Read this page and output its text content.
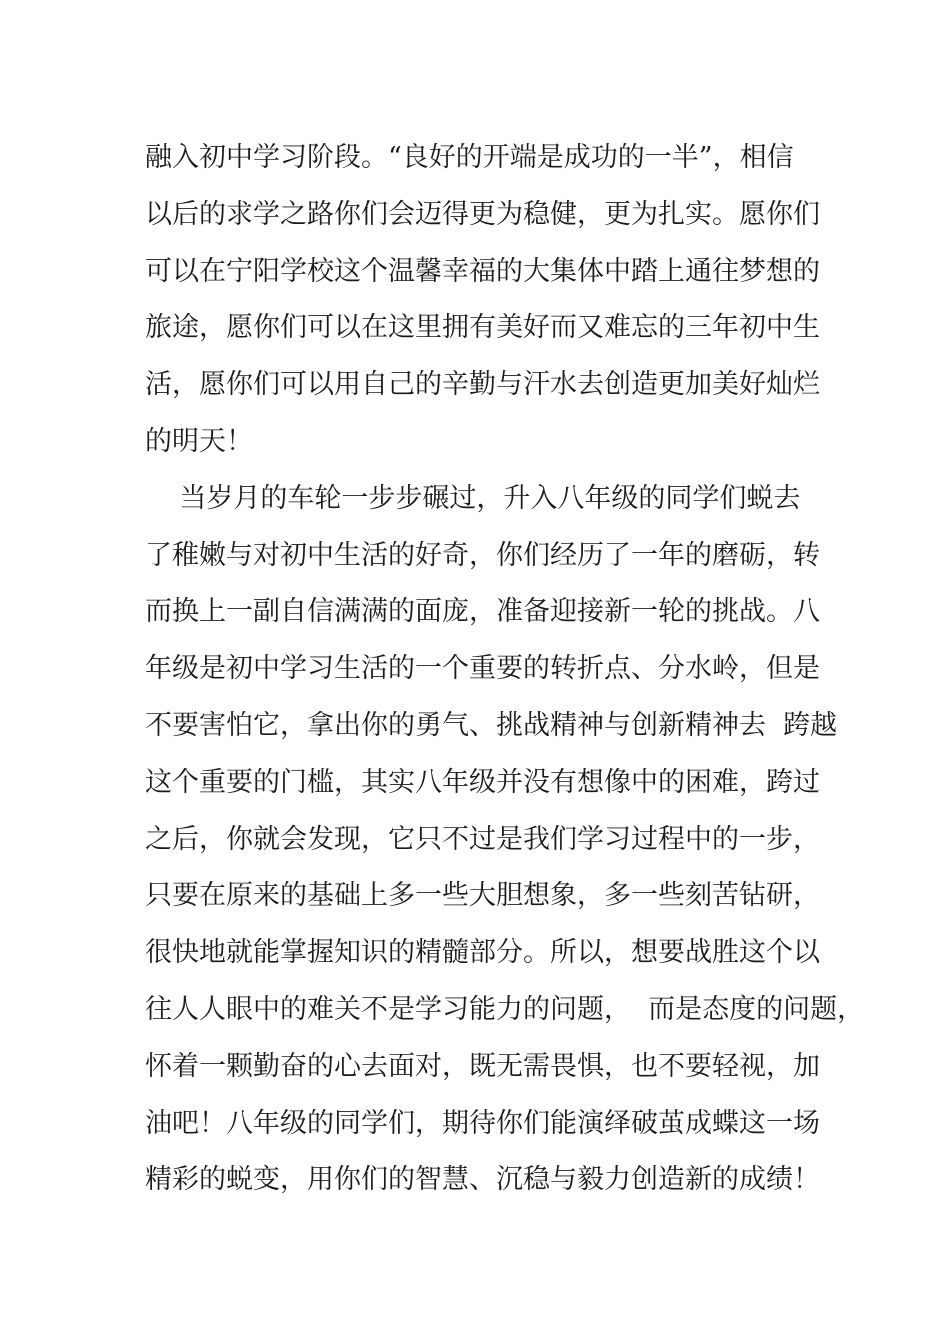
融入初中学习阶段。“良好的开端是成功的一半”，相信
以后的求学之路你们会迈得更为稳健，更为扎实。愿你们
可以在宁阳学校这个温馨幸福的大集体中踏上通往梦想的
旅途，愿你们可以在这里拥有美好而又难忘的三年初中生
活，愿你们可以用自己的辛勤与汗水去创造更加美好灿烂
的明天！
当岁月的车轮一步步碾过，升入八年级的同学们蜕去
了稚嫩与对初中生活的好奇，你们经历了一年的磨砺，转
而换上一副自信满满的面庞，准备迎接新一轮的挑战。八
年级是初中学习生活的一个重要的转折点、分水岭，但是
不要害怕它，拿出你的勇气、挑战精神与创新精神去  跨越
这个重要的门槛，其实八年级并没有想像中的困难，跨过
之后，你就会发现，它只不过是我们学习过程中的一步，
只要在原来的基础上多一些大胆想象，多一些刻苦钻研，
很快地就能掌握知识的精髓部分。所以，想要战胜这个以
往人人眼中的难关不是学习能力的问题，  而是态度的问题，
怀着一颗勤奋的心去面对，既无需畏惧，也不要轻视，加
油吧！八年级的同学们，期待你们能演绎破茧成蝶这一场
精彩的蜕变，用你们的智慧、沉稳与毅力创造新的成绩！
